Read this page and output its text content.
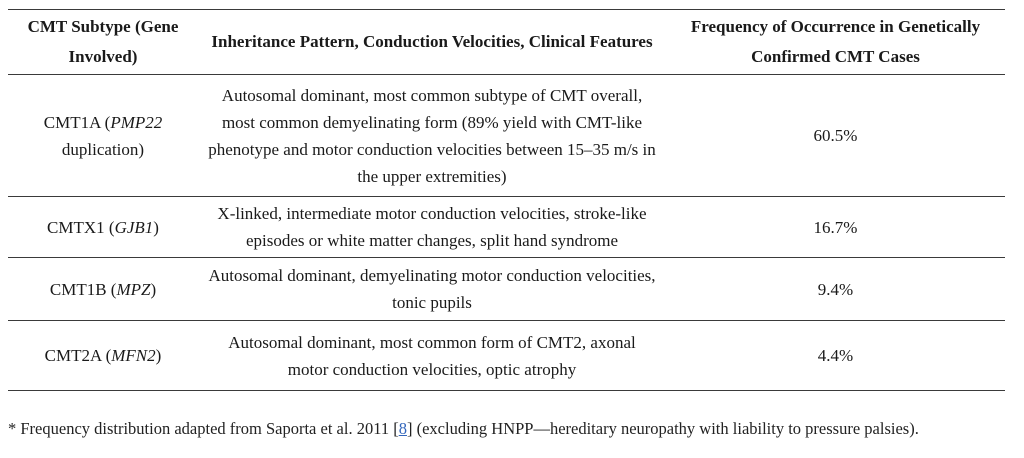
CMT Subtype (Gene Involved)	Inheritance Pattern, Conduction Velocities, Clinical Features	Frequency of Occurrence in Genetically Confirmed CMT Cases
CMT1A (PMP22 duplication)	Autosomal dominant, most common subtype of CMT overall, most common demyelinating form (89% yield with CMT-like phenotype and motor conduction velocities between 15–35 m/s in the upper extremities)	60.5%
CMTX1 (GJB1)	X-linked, intermediate motor conduction velocities, stroke-like episodes or white matter changes, split hand syndrome	16.7%
CMT1B (MPZ)	Autosomal dominant, demyelinating motor conduction velocities, tonic pupils	9.4%
CMT2A (MFN2)	Autosomal dominant, most common form of CMT2, axonal motor conduction velocities, optic atrophy	4.4%

* Frequency distribution adapted from Saporta et al. 2011 [8] (excluding HNPP—hereditary neuropathy with liability to pressure palsies).
